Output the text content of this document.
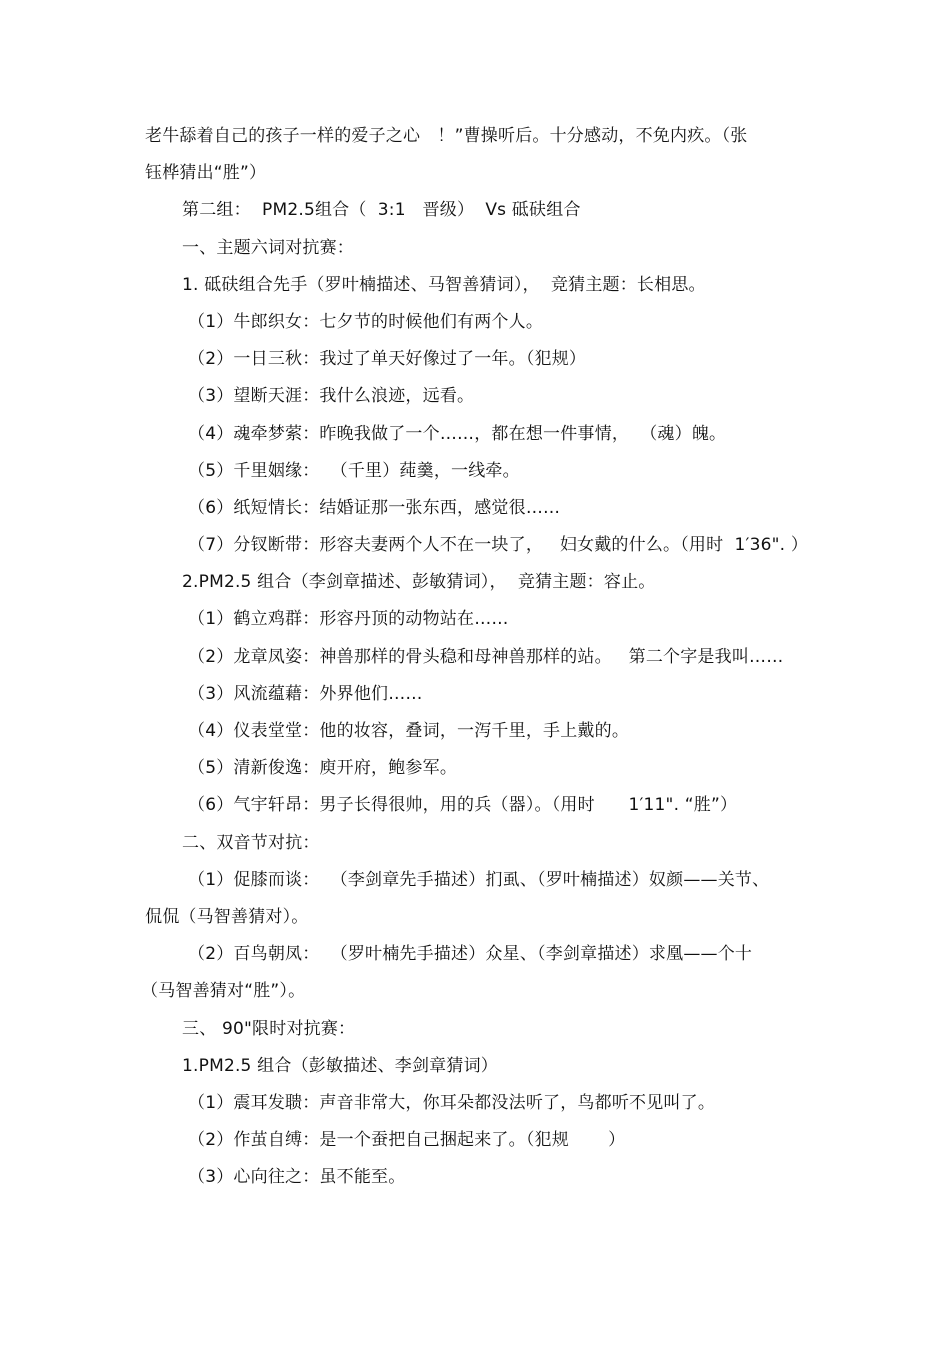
老牛舔着自己的孩子一样的爱子之心　！”曹操听后。十分感动，不免内疚。（张
钰桦猜出“胜”）
第二组：  PM2.5组合（  3:1   晋级）  Vs 砥砆组合
一、主题六词对抗赛：
1. 砥砆组合先手（罗叶楠描述、马智善猜词），  竞猜主题：长相思。
（1）牛郎织女：七夕节的时候他们有两个人。
（2）一日三秋：我过了单天好像过了一年。（犯规）
（3）望断天涯：我什么浪迹，远看。
（4）魂牵梦萦：昨晚我做了一个……，都在想一件事情，  （魂）魄。
（5）千里姻缘：  （千里）莼羹，一线牵。
（6）纸短情长：结婚证那一张东西，感觉很……
（7）分钗断带：形容夫妻两个人不在一块了，   妇女戴的什么。（用时  1′36". ）
2.PM2.5 组合（李剑章描述、彭敏猜词），  竞猜主题：容止。
（1）鹤立鸡群：形容丹顶的动物站在……
（2）龙章凤姿：神兽那样的骨头稳和母神兽那样的站。   第二个字是我叫……
（3）风流蕴藉：外界他们……
（4）仪表堂堂：他的妆容，叠词，一泻千里，手上戴的。
（5）清新俊逸：庾开府，鲍参军。
（6）气宇轩昂：男子长得很帅，用的兵（器）。（用时      1′11". “胜”）
二、双音节对抗：
（1）促膝而谈：  （李剑章先手描述）扪虱、（罗叶楠描述）奴颜——关节、
侃侃（马智善猜对）。
（2）百鸟朝凤：  （罗叶楠先手描述）众星、（李剑章描述）求凰——个十
（马智善猜对“胜”）。
三、 90"限时对抗赛：
1.PM2.5 组合（彭敏描述、李剑章猜词）
（1）震耳发聩：声音非常大，你耳朵都没法听了，鸟都听不见叫了。
（2）作茧自缚：是一个蚕把自己捆起来了。（犯规       ）
（3）心向往之：虽不能至。
